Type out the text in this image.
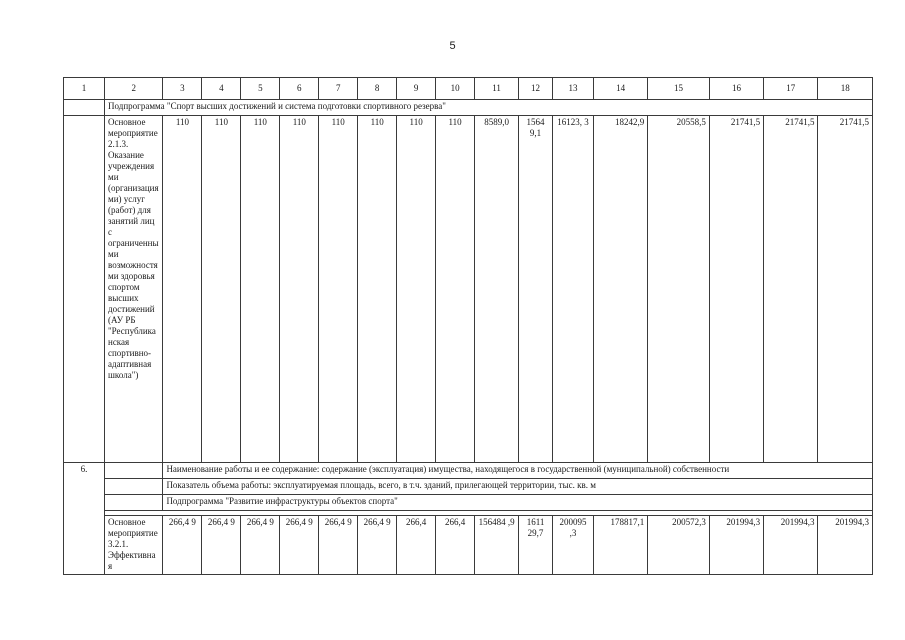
5
1	2	3	4	5	6	7	8	9	10	11	12	13	14	15	16	17	18
	Подпрограмма "Спорт высших достижений и система подготовки спортивного резерва"																
	Основное мероприятие 2.1.3. Оказание учреждениями (организациями) услуг (работ) для занятий лиц с ограниченными возможностями здоровья спортом высших достижений (АУ РБ "Республиканская спортивно-адаптивная школа")	110	110	110	110	110	110	110	110	8589,0	1564 9,1	16123, 3	18242,9	20558,5	21741,5	21741,5	21741,5
6.		Наименование работы и ее содержание: содержание (эксплуатация) имущества, находящегося в государственной (муниципальной) собственности															
		Показатель объема работы: эксплуатируемая площадь, всего, в т.ч. зданий, прилегающей территории, тыс. кв. м															
		Подпрограмма "Развитие инфраструктуры объектов спорта"															

	Основное мероприятие 3.2.1. Эффективная	266,4 9	266,4 9	266,4 9	266,4 9	266,4 9	266,4 9	266,4	266,4	156484 ,9	1611 29,7	200095 ,3	178817,1	200572,3	201994,3	201994,3	201994,3
